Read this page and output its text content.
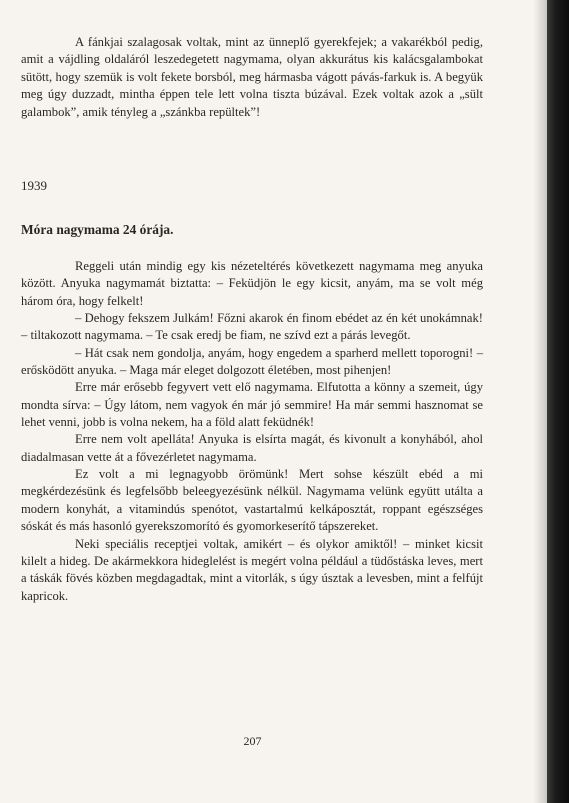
A fánkjai szalagosak voltak, mint az ünneplő gyerekfejek; a vakarékból pedig, amit a vájdling oldaláról leszedegetett nagymama, olyan akkurátus kis kalácsgalambokat sütött, hogy szemük is volt fekete borsból, meg hármasba vágott pávás-farkuk is. A begyük meg úgy duzzadt, mintha éppen tele lett volna tiszta búzával. Ezek voltak azok a „sült galambok”, amik tényleg a „szánkba repültek”!

1939
Móra nagymama 24 órája.

Reggeli után mindig egy kis nézeteltérés következett nagymama meg anyuka között. Anyuka nagymamát biztatta: – Feküdjön le egy kicsit, anyám, ma se volt még három óra, hogy felkelt!

– Dehogy fekszem Julkám! Főzni akarok én finom ebédet az én két unokámnak! – tiltakozott nagymama. – Te csak eredj be fiam, ne szívd ezt a párás levegőt.

– Hát csak nem gondolja, anyám, hogy engedem a sparherd mellett toporogni! – erősködött anyuka. – Maga már eleget dolgozott életében, most pihenjen!

Erre már erősebb fegyvert vett elő nagymama. Elfutotta a könny a szemeit, úgy mondta sírva: – Úgy látom, nem vagyok én már jó semmire! Ha már semmi hasznomat se lehet venni, jobb is volna nekem, ha a föld alatt feküdnék!

Erre nem volt apelláta! Anyuka is elsírta magát, és kivonult a konyhából, ahol diadalmasan vette át a fővezérletet nagymama.

Ez volt a mi legnagyobb örömünk! Mert sohse készült ebéd a mi megkérdezésünk és legfelsőbb beleegyezésünk nélkül. Nagymama velünk együtt utálta a modern konyhát, a vitamindús spenótot, vastartalmú kelkáposztát, roppant egészséges sóskát és más hasonló gyerekszomorító és gyomorkeserítő tápszereket.

Neki speciális receptjei voltak, amikért – és olykor amiktől! – minket kicsit kilelt a hideg. De akármekkora hideglelést is megért volna például a tüdőstáska leves, mert a táskák fövés közben megdagadtak, mint a vitorlák, s úgy úsztak a levesben, mint a felfújt kapricok.

207
